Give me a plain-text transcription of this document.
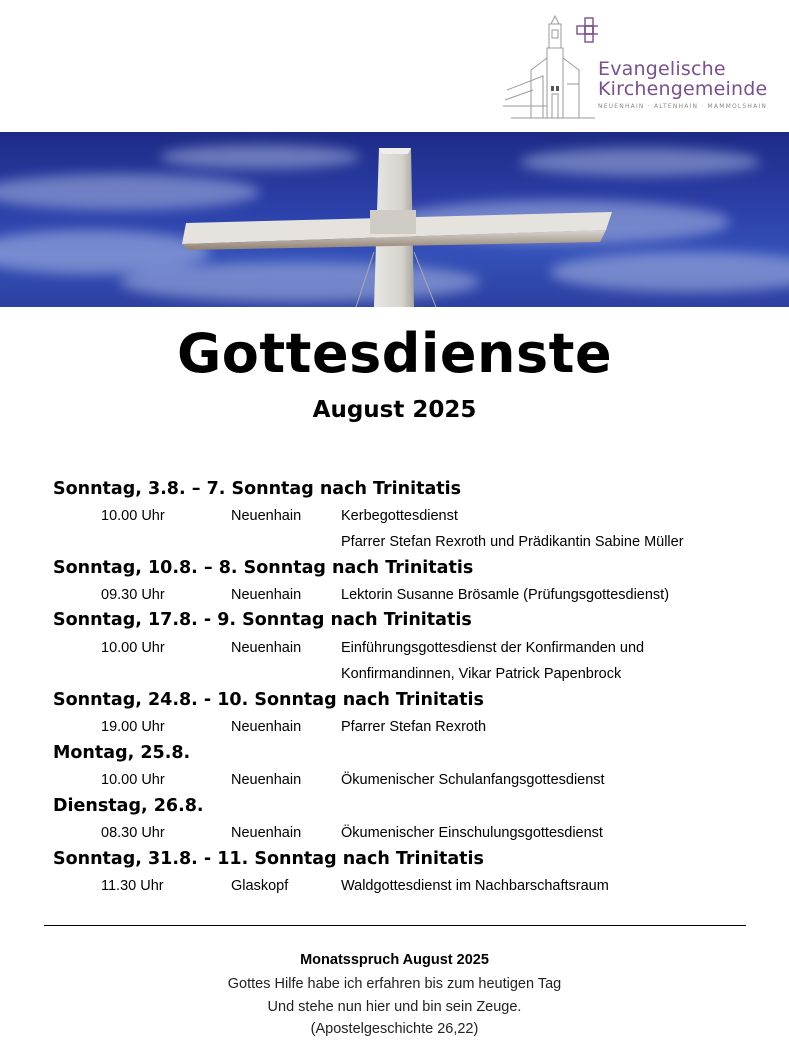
Evangelische
Kirchengemeinde
NEUENHAIN · ALTENHAIN · MAMMOLSHAIN
Gottesdienste
August 2025
Sonntag, 3.8. – 7. Sonntag nach Trinitatis
10.00 Uhr	Neuenhain	Kerbegottesdienst
Pfarrer Stefan Rexroth und Prädikantin Sabine Müller
Sonntag, 10.8. – 8. Sonntag nach Trinitatis
09.30 Uhr	Neuenhain	Lektorin Susanne Brösamle (Prüfungsgottesdienst)
Sonntag, 17.8. - 9. Sonntag nach Trinitatis
10.00 Uhr	Neuenhain	Einführungsgottesdienst der Konfirmanden und
Konfirmandinnen, Vikar Patrick Papenbrock
Sonntag, 24.8. - 10. Sonntag nach Trinitatis
19.00 Uhr	Neuenhain	Pfarrer Stefan Rexroth
Montag, 25.8.
10.00 Uhr	Neuenhain	Ökumenischer Schulanfangsgottesdienst
Dienstag, 26.8.
08.30 Uhr	Neuenhain	Ökumenischer Einschulungsgottesdienst
Sonntag, 31.8. - 11. Sonntag nach Trinitatis
11.30 Uhr	Glaskopf	Waldgottesdienst im Nachbarschaftsraum
Monatsspruch August 2025
Gottes Hilfe habe ich erfahren bis zum heutigen Tag
Und stehe nun hier und bin sein Zeuge.
(Apostelgeschichte 26,22)
